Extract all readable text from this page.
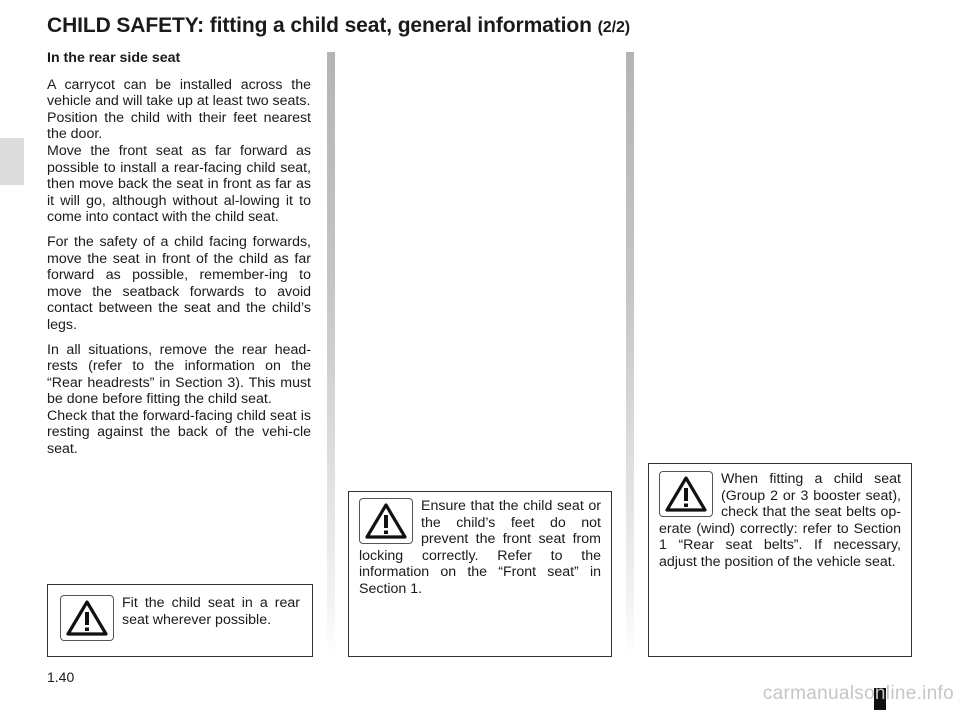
CHILD SAFETY: fitting a child seat, general information (2/2)

In the rear side seat

A carrycot can be installed across the vehicle and will take up at least two seats.
Position the child with their feet nearest the door.
Move the front seat as far forward as possible to install a rear-facing child seat, then move back the seat in front as far as it will go, although without al-lowing it to come into contact with the child seat.

For the safety of a child facing forwards, move the seat in front of the child as far forward as possible, remember-ing to move the seatback forwards to avoid contact between the seat and the child’s legs.

In all situations, remove the rear head-rests (refer to the information on the “Rear headrests” in Section 3). This must be done before fitting the child seat.
Check that the forward-facing child seat is resting against the back of the vehi-cle seat.

Fit the child seat in a rear seat wherever possible.
Ensure that the child seat or the child’s feet do not prevent the front seat from locking correctly. Refer to the information on the “Front seat” in Section 1.
When fitting a child seat (Group 2 or 3 booster seat), check that the seat belts op-erate (wind) correctly: refer to Section 1 “Rear seat belts”. If necessary, adjust the position of the vehicle seat.
1.40
carmanualsonline.info
